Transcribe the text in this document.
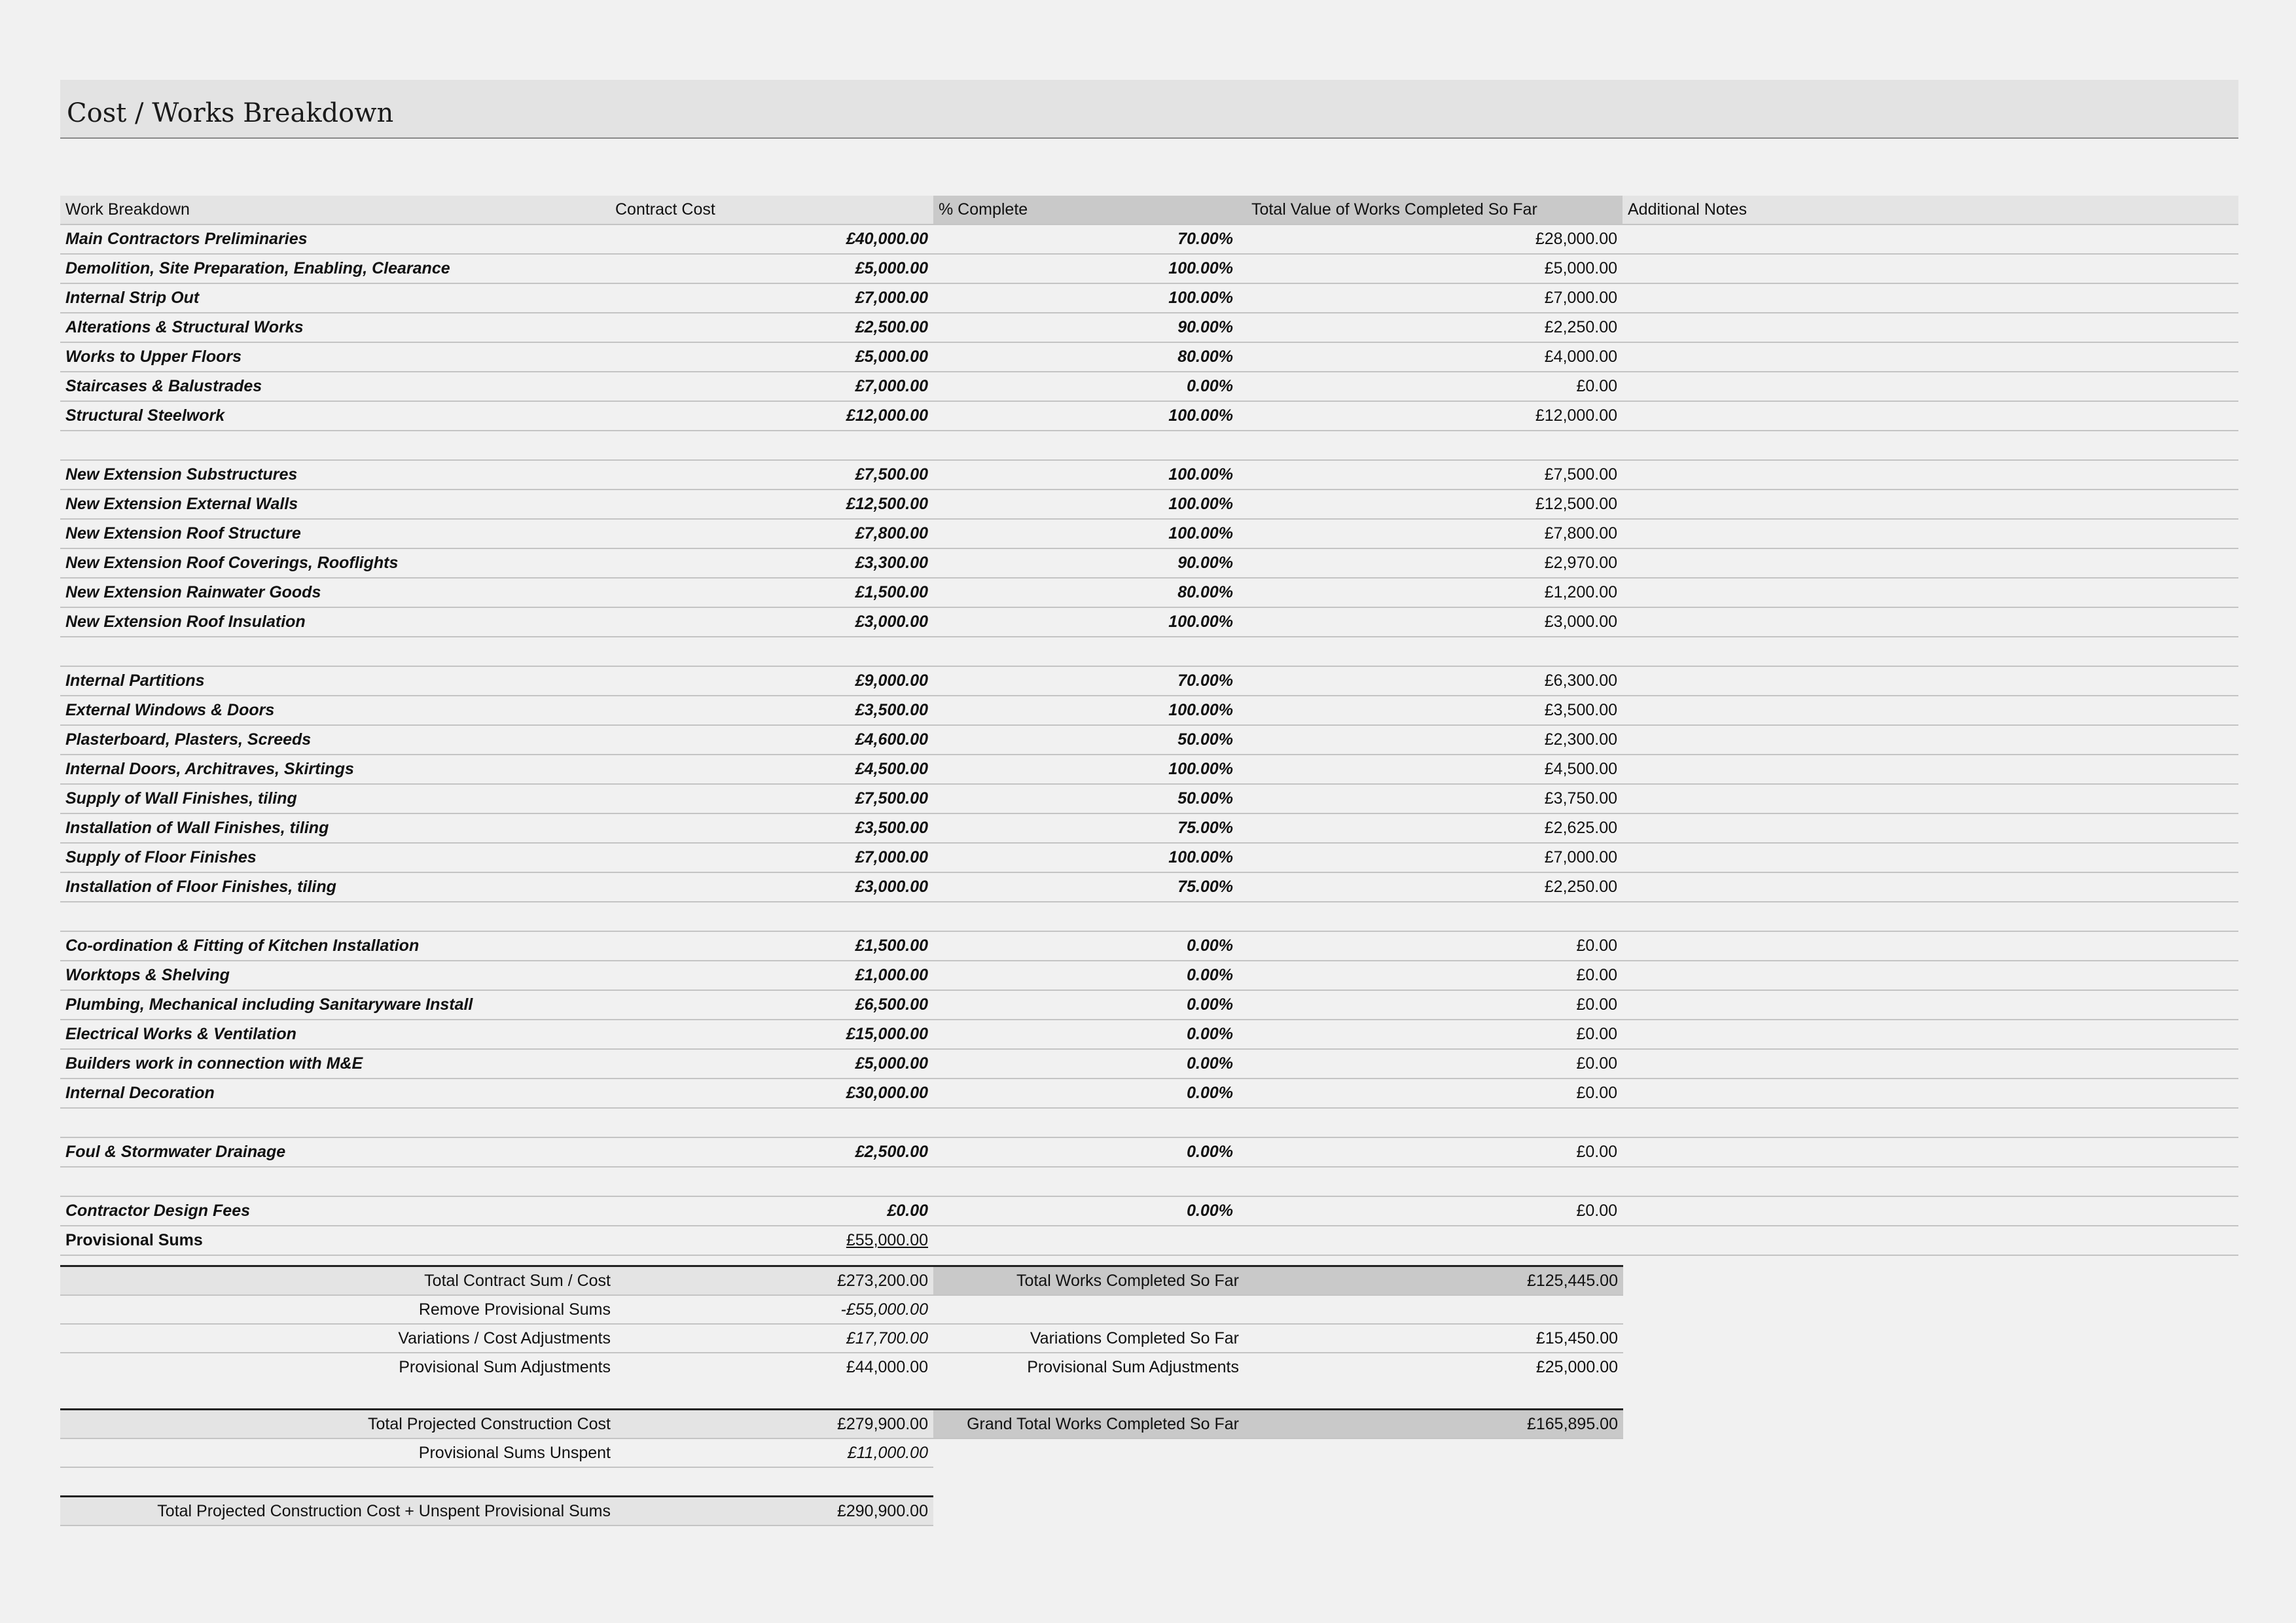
Cost / Works Breakdown
Work Breakdown	Contract Cost	% Complete	Total Value of Works Completed So Far	Additional Notes
Main Contractors Preliminaries	£40,000.00	70.00%	£28,000.00	
Demolition, Site Preparation, Enabling, Clearance	£5,000.00	100.00%	£5,000.00	
Internal Strip Out	£7,000.00	100.00%	£7,000.00	
Alterations & Structural Works	£2,500.00	90.00%	£2,250.00	
Works to Upper Floors	£5,000.00	80.00%	£4,000.00	
Staircases & Balustrades	£7,000.00	0.00%	£0.00	
Structural Steelwork	£12,000.00	100.00%	£12,000.00	

New Extension Substructures	£7,500.00	100.00%	£7,500.00	
New Extension External Walls	£12,500.00	100.00%	£12,500.00	
New Extension Roof Structure	£7,800.00	100.00%	£7,800.00	
New Extension Roof Coverings, Rooflights	£3,300.00	90.00%	£2,970.00	
New Extension Rainwater Goods	£1,500.00	80.00%	£1,200.00	
New Extension Roof Insulation	£3,000.00	100.00%	£3,000.00	

Internal Partitions	£9,000.00	70.00%	£6,300.00	
External Windows & Doors	£3,500.00	100.00%	£3,500.00	
Plasterboard, Plasters, Screeds	£4,600.00	50.00%	£2,300.00	
Internal Doors, Architraves, Skirtings	£4,500.00	100.00%	£4,500.00	
Supply of Wall Finishes, tiling	£7,500.00	50.00%	£3,750.00	
Installation of Wall Finishes, tiling	£3,500.00	75.00%	£2,625.00	
Supply of Floor Finishes	£7,000.00	100.00%	£7,000.00	
Installation of Floor Finishes, tiling	£3,000.00	75.00%	£2,250.00	

Co-ordination & Fitting of Kitchen Installation	£1,500.00	0.00%	£0.00	
Worktops & Shelving	£1,000.00	0.00%	£0.00	
Plumbing, Mechanical including Sanitaryware Install	£6,500.00	0.00%	£0.00	
Electrical Works & Ventilation	£15,000.00	0.00%	£0.00	
Builders work in connection with M&E	£5,000.00	0.00%	£0.00	
Internal Decoration	£30,000.00	0.00%	£0.00	

Foul & Stormwater Drainage	£2,500.00	0.00%	£0.00	

Contractor Design Fees	£0.00	0.00%	£0.00	
Provisional Sums	£55,000.00			
Total Contract Sum / Cost	£273,200.00	Total Works Completed So Far	£125,445.00
Remove Provisional Sums	-£55,000.00		
Variations / Cost Adjustments	£17,700.00	Variations Completed So Far	£15,450.00
Provisional Sum Adjustments	£44,000.00	Provisional Sum Adjustments	£25,000.00

Total Projected Construction Cost	£279,900.00	Grand Total Works Completed So Far	£165,895.00
Provisional Sums Unspent	£11,000.00		

Total Projected Construction Cost + Unspent Provisional Sums	£290,900.00		
